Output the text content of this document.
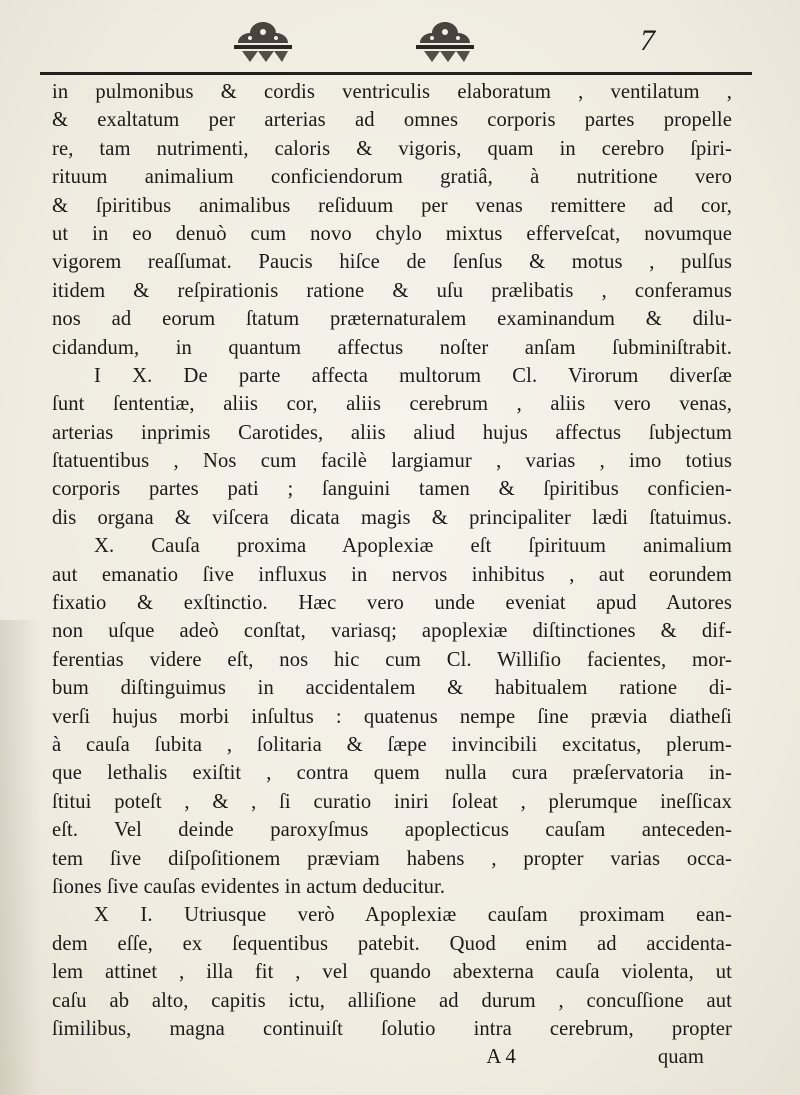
7
in pulmonibus & cordis ventriculis elaboratum , ventilatum ,
& exaltatum per arterias ad omnes corporis partes propelle
re, tam nutrimenti, caloris & vigoris, quam in cerebro ſpiri-
rituum animalium conficiendorum gratiâ, à nutritione vero
& ſpiritibus animalibus reſiduum per venas remittere ad cor,
ut in eo denuò cum novo chylo mixtus efferveſcat, novumque
vigorem reaſſumat. Paucis hiſce de ſenſus & motus , pulſus
itidem & reſpirationis ratione & uſu prælibatis , conferamus
nos ad eorum ſtatum præternaturalem examinandum & dilu-
cidandum, in quantum affectus noſter anſam ſubminiſtrabit.
I X. De parte affecta multorum Cl. Virorum diverſæ
ſunt ſententiæ, aliis cor, aliis cerebrum , aliis vero venas,
arterias inprimis Carotides, aliis aliud hujus affectus ſubjectum
ſtatuentibus , Nos cum facilè largiamur , varias , imo totius
corporis partes pati ; ſanguini tamen & ſpiritibus conficien-
dis organa & viſcera dicata magis & principaliter lædi ſtatuimus.
X. Cauſa proxima Apoplexiæ eſt ſpirituum animalium
aut emanatio ſive influxus in nervos inhibitus , aut eorundem
fixatio & exſtinctio. Hæc vero unde eveniat apud Autores
non uſque adeò conſtat, variasq; apoplexiæ diſtinctiones & dif-
ferentias videre eſt, nos hic cum Cl. Williſio facientes, mor-
bum diſtinguimus in accidentalem & habitualem ratione di-
verſi hujus morbi inſultus : quatenus nempe ſine prævia diatheſi
à cauſa ſubita , ſolitaria & ſæpe invincibili excitatus, plerum-
que lethalis exiſtit , contra quem nulla cura præſervatoria in-
ſtitui poteſt , & , ſi curatio iniri ſoleat , plerumque ineſſicax
eſt. Vel deinde paroxyſmus apoplecticus cauſam anteceden-
tem ſive diſpoſitionem præviam habens , propter varias occa-
ſiones ſive cauſas evidentes in actum deducitur.
X I. Utriusque verò Apoplexiæ cauſam proximam ean-
dem eſſe, ex ſequentibus patebit. Quod enim ad accidenta-
lem attinet , illa fit , vel quando abexterna cauſa violenta, ut
caſu ab alto, capitis ictu, alliſione ad durum , concuſſione aut
ſimilibus, magna continuiſt ſolutio intra cerebrum, propter
A 4	quam
